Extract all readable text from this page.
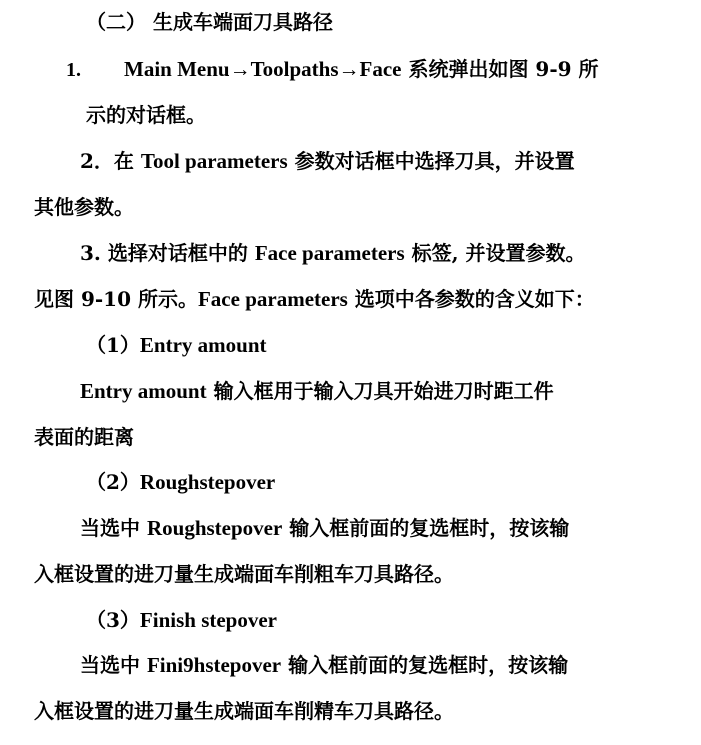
（二） 生成车端面刀具路径
1. Main Menu→Toolpaths→Face 系统弹出如图 9-9 所
示的对话框。
2．在 Tool parameters 参数对话框中选择刀具，并设置
其他参数。
3. 选择对话框中的 Face parameters 标签, 并设置参数。
见图 9-10 所示。Face parameters 选项中各参数的含义如下：
（1）Entry amount
Entry amount 输入框用于输入刀具开始进刀时距工件
表面的距离
（2）Roughstepover
当选中 Roughstepover 输入框前面的复选框时，按该输
入框设置的进刀量生成端面车削粗车刀具路径。
（3）Finish stepover
当选中 Fini9hstepover 输入框前面的复选框时，按该输
入框设置的进刀量生成端面车削精车刀具路径。
